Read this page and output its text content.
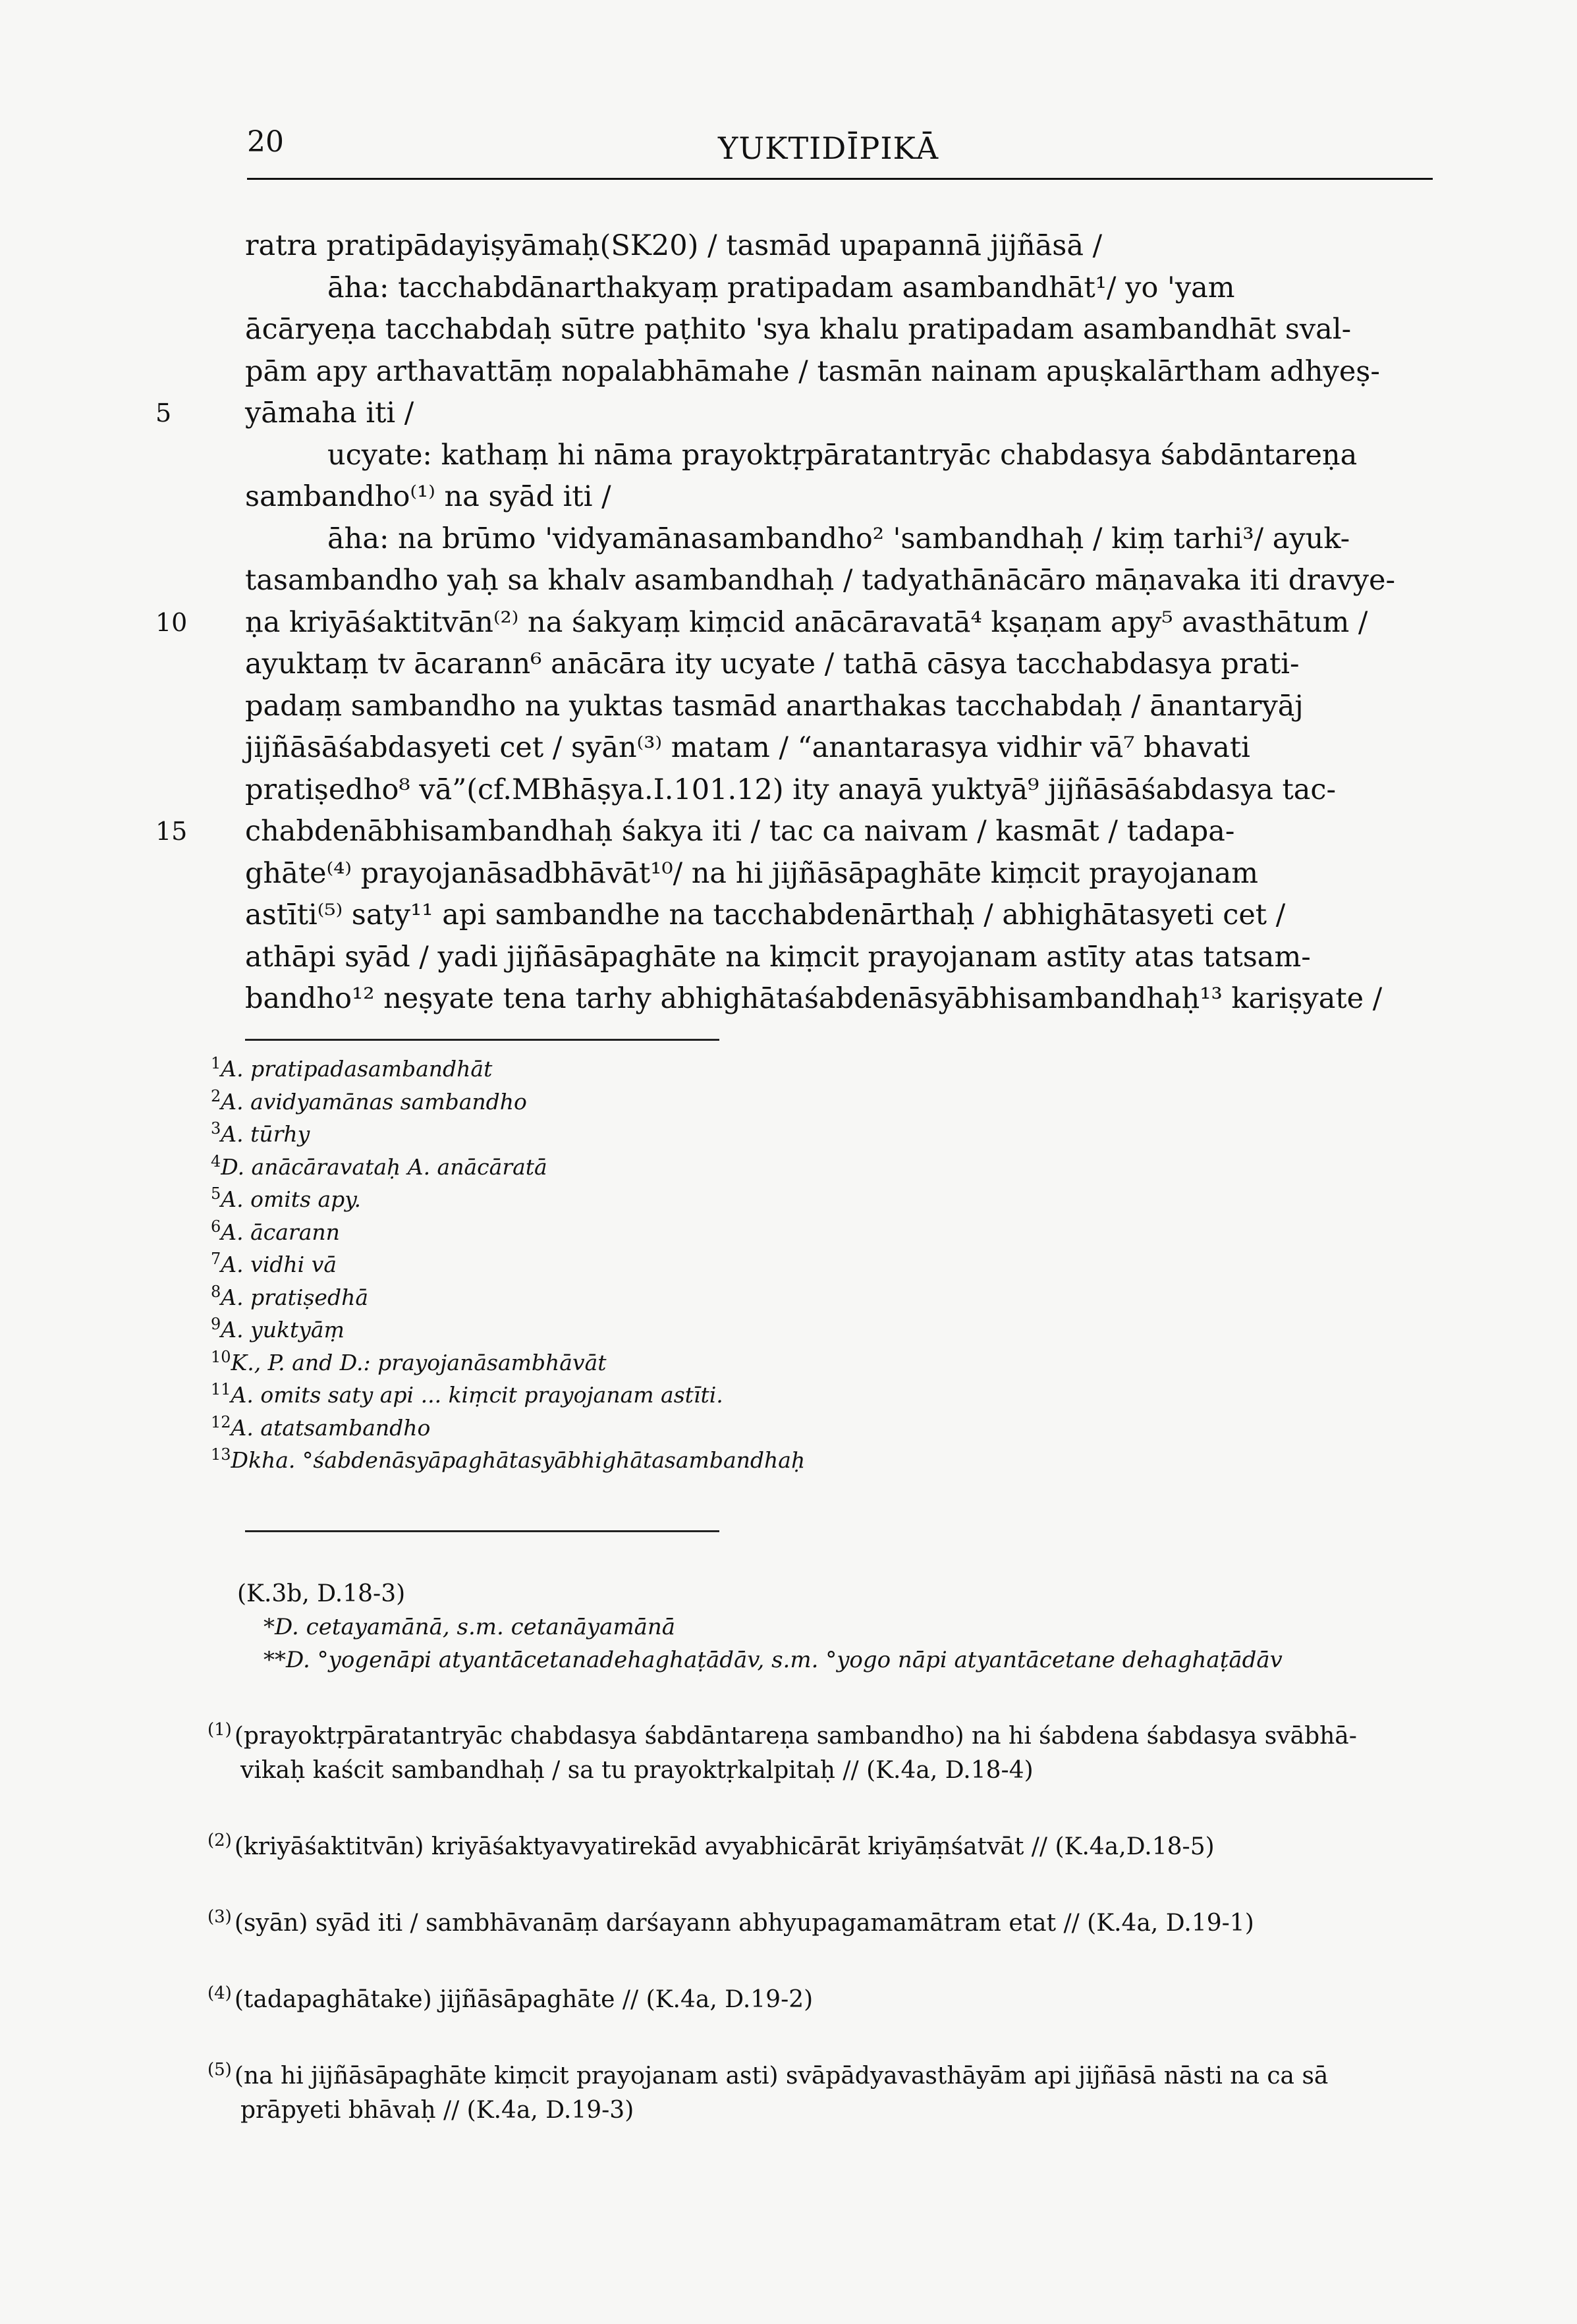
20	YUKTIDĪPIKĀ
ratra pratipādayiṣyāmaḥ(SK20) / tasmād upapannā jijñāsā /
āha: tacchabdānarthakyaṃ pratipadam asambandhāt¹/ yo 'yam
ācāryeṇa tacchabdaḥ sūtre paṭhito 'sya khalu pratipadam asambandhāt sval-
pām apy arthavattāṃ nopalabhāmahe / tasmān nainam apuṣkalārtham adhyeṣ-
5	yāmaha iti /
ucyate: kathaṃ hi nāma prayoktṛpāratantryāc chabdasya śabdāntareṇa
sambandho⁽¹⁾ na syād iti /
āha: na brūmo 'vidyamānasambandho² 'sambandhaḥ / kiṃ tarhi³/ ayuk-
tasambandho yaḥ sa khalv asambandhaḥ / tadyathānācāro māṇavaka iti dravye-
10 ṇa kriyāśaktitvān⁽²⁾ na śakyaṃ kiṃcid anācāravatā⁴ kṣaṇam apy⁵ avasthātum /
ayuktaṃ tv ācarann⁶ anācāra ity ucyate / tathā cāsya tacchabdasya prati-
padaṃ sambandho na yuktas tasmād anarthakas tacchabdaḥ / ānantaryāj
jijñāsāśabdasyeti cet / syān⁽³⁾ matam / “anantarasya vidhir vā⁷ bhavati
pratiṣedho⁸ vā”(cf.MBhāṣya.I.101.12) ity anayā yuktyā⁹ jijñāsāśabdasya tac-
15 chabdenābhisambandhaḥ śakya iti / tac ca naivam / kasmāt / tadapa-
ghāte⁽⁴⁾ prayojanāsadbhāvāt¹⁰/ na hi jijñāsāpaghāte kiṃcit prayojanam
astīti⁽⁵⁾ saty¹¹ api sambandhe na tacchabdenārthaḥ / abhighātasyeti cet /
athāpi syād / yadi jijñāsāpaghāte na kiṃcit prayojanam astīty atas tatsam-
bandho¹² neṣyate tena tarhy abhighātaśabdenāsyābhisambandhaḥ¹³ kariṣyate /
$^1$A. pratipadasambandhāt
$^2$A. avidyamānas sambandho
$^3$A. tūrhy
$^4$D. anācāravataḥ A. anācāratā
$^5$A. omits apy.
$^6$A. ācarann
$^7$A. vidhi vā
$^8$A. pratiṣedhā
$^9$A. yuktyāṃ
$^{10}$K., P. and D.: prayojanāsambhāvāt
$^{11}$A. omits saty api ... kiṃcit prayojanam astīti.
$^{12}$A. atatsambandho
$^{13}$Dkha. °śabdenāsyāpaghātasyābhighātasambandhaḥ
(K.3b, D.18-3)
*D. cetayamānā, s.m. cetanāyamānā
**D. °yogenāpi atyantācetanadehaghaṭādāv, s.m. °yogo nāpi atyantācetane dehaghaṭādāv
$^{(1)}$ (prayoktṛpāratantryāc chabdasya śabdāntareṇa sambandho) na hi śabdena śabdasya svābhā-
vikaḥ kaścit sambandhaḥ / sa tu prayoktṛkalpitaḥ // (K.4a, D.18-4)
$^{(2)}$ (kriyāśaktitvān) kriyāśaktyavyatirekād avyabhicārāt kriyāṃśatvāt // (K.4a,D.18-5)
$^{(3)}$ (syān) syād iti / sambhāvanāṃ darśayann abhyupagamamātram etat // (K.4a, D.19-1)
$^{(4)}$ (tadapaghātake) jijñāsāpaghāte // (K.4a, D.19-2)
$^{(5)}$ (na hi jijñāsāpaghāte kiṃcit prayojanam asti) svāpādyavasthāyām api jijñāsā nāsti na ca sā
prāpyeti bhāvaḥ // (K.4a, D.19-3)
